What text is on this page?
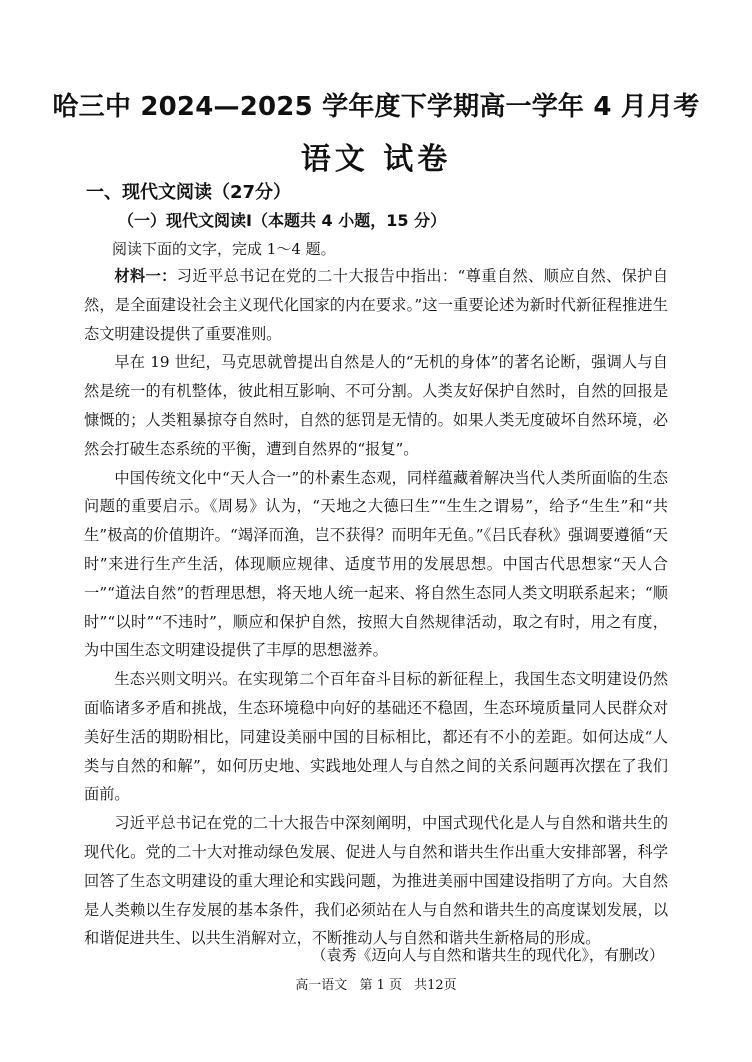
哈三中 2024—2025 学年度下学期高一学年 4 月月考
语文 试卷
一、现代文阅读（27分）
（一）现代文阅读Ⅰ（本题共 4 小题，15 分）
阅读下面的文字，完成 1～4 题。

材料一：习近平总书记在党的二十大报告中指出：“尊重自然、顺应自然、保护自然，是全面建设社会主义现代化国家的内在要求。”这一重要论述为新时代新征程推进生态文明建设提供了重要准则。

早在 19 世纪，马克思就曾提出自然是人的“无机的身体”的著名论断，强调人与自然是统一的有机整体，彼此相互影响、不可分割。人类友好保护自然时，自然的回报是慷慨的；人类粗暴掠夺自然时，自然的惩罚是无情的。如果人类无度破坏自然环境，必然会打破生态系统的平衡，遭到自然界的“报复”。

中国传统文化中“天人合一”的朴素生态观，同样蕴藏着解决当代人类所面临的生态问题的重要启示。《周易》认为，“天地之大德曰生”“生生之谓易”，给予“生生”和“共生”极高的价值期许。“竭泽而渔，岂不获得？而明年无鱼。”《吕氏春秋》强调要遵循“天时”来进行生产生活，体现顺应规律、适度节用的发展思想。中国古代思想家“天人合一”“道法自然”的哲理思想，将天地人统一起来、将自然生态同人类文明联系起来；“顺时”“以时”“不违时”，顺应和保护自然，按照大自然规律活动，取之有时，用之有度，为中国生态文明建设提供了丰厚的思想滋养。

生态兴则文明兴。在实现第二个百年奋斗目标的新征程上，我国生态文明建设仍然面临诸多矛盾和挑战，生态环境稳中向好的基础还不稳固，生态环境质量同人民群众对美好生活的期盼相比，同建设美丽中国的目标相比，都还有不小的差距。如何达成“人类与自然的和解”，如何历史地、实践地处理人与自然之间的关系问题再次摆在了我们面前。

习近平总书记在党的二十大报告中深刻阐明，中国式现代化是人与自然和谐共生的现代化。党的二十大对推动绿色发展、促进人与自然和谐共生作出重大安排部署，科学回答了生态文明建设的重大理论和实践问题，为推进美丽中国建设指明了方向。大自然是人类赖以生存发展的基本条件，我们必须站在人与自然和谐共生的高度谋划发展，以和谐促进共生、以共生消解对立，不断推动人与自然和谐共生新格局的形成。

（袁秀《迈向人与自然和谐共生的现代化》，有删改）
高一语文 第 1 页 共12页
